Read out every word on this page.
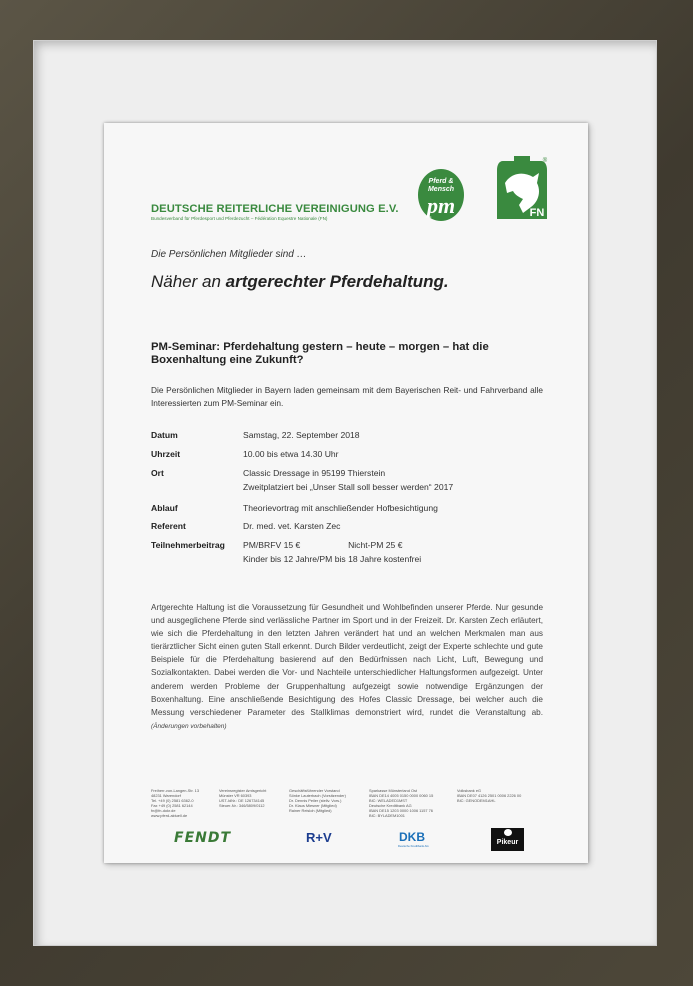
DEUTSCHE REITERLICHE VEREINIGUNG E.V.
Bundesverband für Pferdesport und Pferdezucht – Fédération Equestre Nationale (FN)
Pferd &
Mensch
pm	FN
®
Die Persönlichen Mitglieder sind …
Näher an artgerechter Pferdehaltung.
PM-Seminar: Pferdehaltung gestern – heute – morgen – hat die Boxenhaltung eine Zukunft?
Die Persönlichen Mitglieder in Bayern laden gemeinsam mit dem Bayerischen Reit- und Fahrverband alle Interessierten zum PM-Seminar ein.
Datum	Samstag, 22. September 2018
Uhrzeit	10.00 bis etwa 14.30 Uhr
Ort	Classic Dressage in 95199 Thierstein
Zweitplatziert bei „Unser Stall soll besser werden“ 2017
Ablauf	Theorievortrag mit anschließender Hofbesichtigung
Referent	Dr. med. vet. Karsten Zec
Teilnehmerbeitrag	PM/BRFV 15 €                    Nicht-PM 25 €
Kinder bis 12 Jahre/PM bis 18 Jahre kostenfrei
Artgerechte Haltung ist die Voraussetzung für Gesundheit und Wohlbefinden unserer Pferde. Nur gesunde und ausgeglichene Pferde sind verlässliche Partner im Sport und in der Freizeit. Dr. Karsten Zech erläutert, wie sich die Pferdehaltung in den letzten Jahren verändert hat und an welchen Merkmalen man aus tierärztlicher Sicht einen guten Stall erkennt. Durch Bilder verdeutlicht, zeigt der Experte schlechte und gute Beispiele für die Pferdehaltung basierend auf den Bedürfnissen nach Licht, Luft, Bewegung und Sozialkontakten. Dabei werden die Vor- und Nachteile unterschiedlicher Haltungsformen aufgezeigt. Unter anderem werden Probleme der Gruppenhaltung aufgezeigt sowie notwendige Ergänzungen der Boxenhaltung. Eine anschließende Besichtigung des Hofes Classic Dressage, bei welcher auch die Messung verschiedener Parameter des Stallklimas demonstriert wird, rundet die Veranstaltung ab. (Änderungen vorbehalten)
Freiherr-von-Langen-Str. 13
48231 Warendorf
Tel. +49 (0) 2581 6362-0
Fax +49 (0) 2581 62144
fn@fn-dokr.de
www.pferd-aktuell.de
Vereinsregister Amtsgericht
Münster VR 60393
UST-IdNr.: DE 126734145
Steuer-Nr.: 346/5809/0112
Geschäftsführender Vorstand
Sönke Lauterbach (Vorsitzender)
Dr. Dennis Peiler (stellv. Vors.)
Dr. Klaus Miesner (Mitglied)
Rainer Reisloh (Mitglied)
Sparkasse Münsterland Ost
IBAN DE14 4005 0150 0000 0060 15
BIC: WELADED1MST
Deutsche Kreditbank AG
IBAN DE15 1203 0000 1006 1157 76
BIC: BYLADEM1001
Volksbank eG
IBAN DE07 4126 2501 0006 2226 00
BIC: GENODEM1AHL
FENDT	R+V	DKB
Deutsche Kreditbank AG	Pikeur
